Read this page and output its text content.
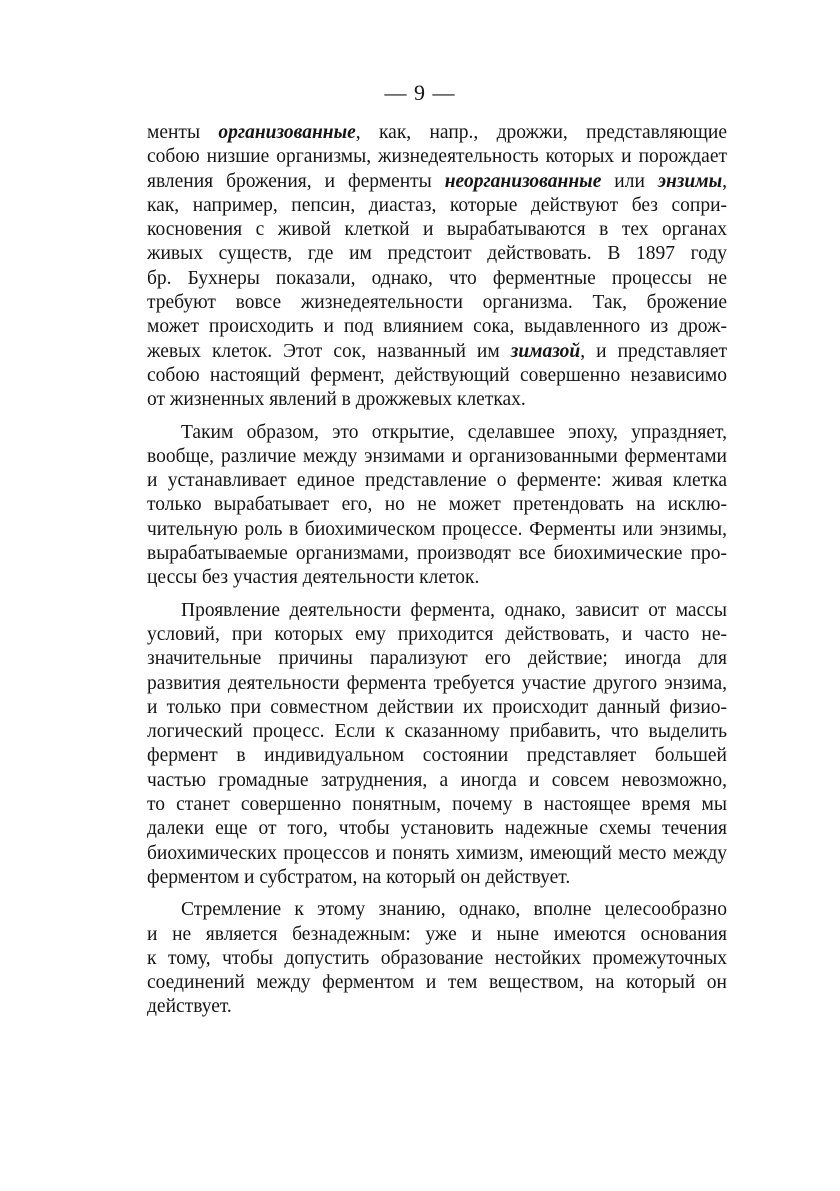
— 9 —
менты организованные, как, напр., дрожжи, представляющие
собою низшие организмы, жизнедеятельность которых и порождает
явления брожения, и ферменты неорганизованные или энзимы,
как, например, пепсин, диастаз, которые действуют без сопри-
косновения с живой клеткой и вырабатываются в тех органах
живых существ, где им предстоит действовать. В 1897 году
бр. Бухнеры показали, однако, что ферментные процессы не
требуют вовсе жизнедеятельности организма. Так, брожение
может происходить и под влиянием сока, выдавленного из дрож-
жевых клеток. Этот сок, названный им зимазой, и представляет
собою настоящий фермент, действующий совершенно независимо
от жизненных явлений в дрожжевых клетках.
Таким образом, это открытие, сделавшее эпоху, упраздняет,
вообще, различие между энзимами и организованными ферментами
и устанавливает единое представление о ферменте: живая клетка
только вырабатывает его, но не может претендовать на исклю-
чительную роль в биохимическом процессе. Ферменты или энзимы,
вырабатываемые организмами, производят все биохимические про-
цессы без участия деятельности клеток.
Проявление деятельности фермента, однако, зависит от массы
условий, при которых ему приходится действовать, и часто не-
значительные причины парализуют его действие; иногда для
развития деятельности фермента требуется участие другого энзима,
и только при совместном действии их происходит данный физио-
логический процесс. Если к сказанному прибавить, что выделить
фермент в индивидуальном состоянии представляет большей
частью громадные затруднения, а иногда и совсем невозможно,
то станет совершенно понятным, почему в настоящее время мы
далеки еще от того, чтобы установить надежные схемы течения
биохимических процессов и понять химизм, имеющий место между
ферментом и субстратом, на который он действует.
Стремление к этому знанию, однако, вполне целесообразно
и не является безнадежным: уже и ныне имеются основания
к тому, чтобы допустить образование нестойких промежуточных
соединений между ферментом и тем веществом, на который он
действует.
